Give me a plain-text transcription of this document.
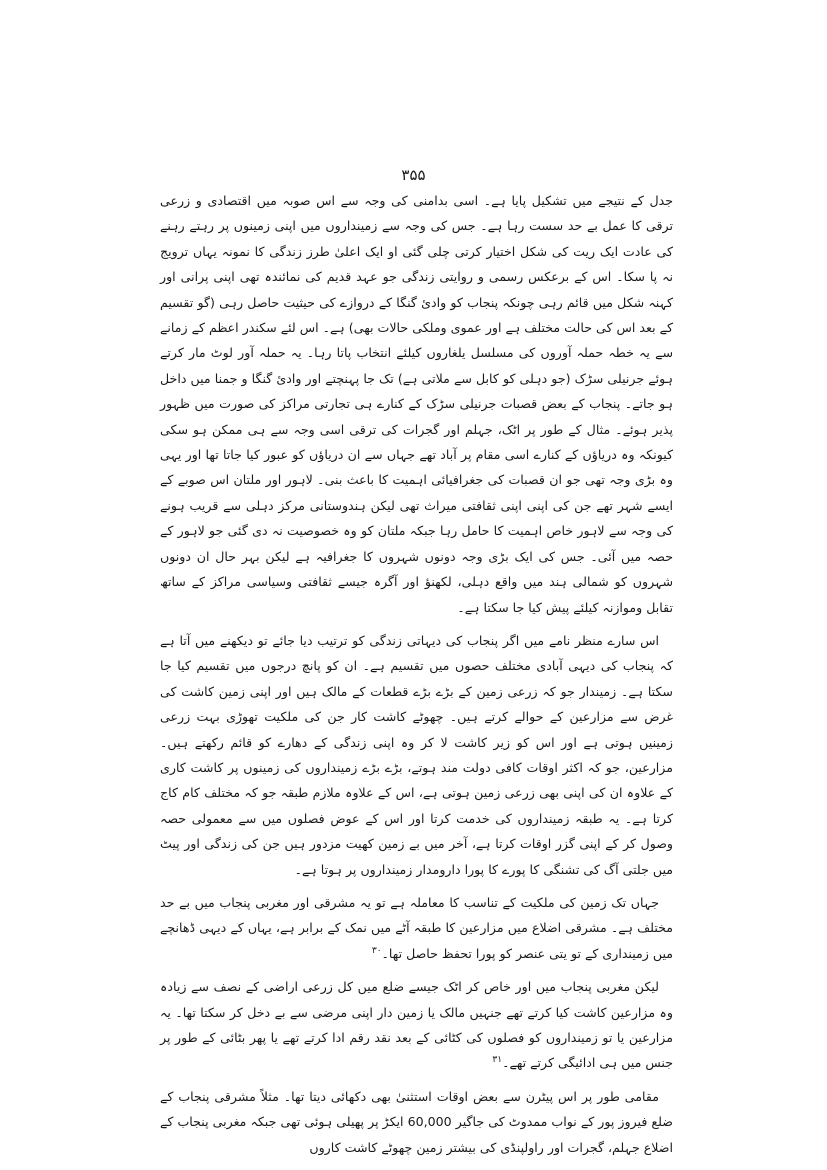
۳۵۵

جدل کے نتیجے میں تشکیل پایا ہے۔ اسی بدامنی کی وجہ سے اس صوبہ میں اقتصادی و زرعی ترقی کا عمل بے حد سست رہا ہے۔ جس کی وجہ سے زمینداروں میں اپنی زمینوں پر رہتے رہنے کی عادت ایک ریت کی شکل اختیار کرتی چلی گئی او ایک اعلیٰ طرز زندگی کا نمونہ یہاں ترویج نہ پا سکا۔ اس کے برعکس رسمی و روایتی زندگی جو عہد قدیم کی نمائندہ تھی اپنی پرانی اور کہنہ شکل میں قائم رہی چونکہ پنجاب کو وادیٔ گنگا کے دروازے کی حیثیت حاصل رہی (گو تقسیم کے بعد اس کی حالت مختلف ہے اور عموی وملکی حالات بھی) ہے۔ اس لئے سکندر اعظم کے زمانے سے یہ خطہ حملہ آوروں کی مسلسل یلغاروں کیلئے انتخاب پاتا رہا۔ یہ حملہ آور لوٹ مار کرتے ہوئے جرنیلی سڑک (جو دہلی کو کابل سے ملاتی ہے) تک جا پہنچتے اور وادیٔ گنگا و جمنا میں داخل ہو جاتے۔ پنجاب کے بعض قصبات جرنیلی سڑک کے کنارے ہی تجارتی مراکز کی صورت میں ظہور پذیر ہوئے۔ مثال کے طور پر اٹک، جہلم اور گجرات کی ترقی اسی وجہ سے ہی ممکن ہو سکی کیونکہ وہ دریاؤں کے کنارے اسی مقام پر آباد تھے جہاں سے ان دریاؤں کو عبور کیا جاتا تھا اور یہی وہ بڑی وجہ تھی جو ان قصبات کی جغرافیائی اہمیت کا باعث بنی۔ لاہور اور ملتان اس صوبے کے ایسے شہر تھے جن کی اپنی اپنی ثقافتی میراث تھی لیکن ہندوستانی مرکز دہلی سے قریب ہونے کی وجہ سے لاہور خاص اہمیت کا حامل رہا جبکہ ملتان کو وہ خصوصیت نہ دی گئی جو لاہور کے حصہ میں آئی۔ جس کی ایک بڑی وجہ دونوں شہروں کا جغرافیہ ہے لیکن بہر حال ان دونوں شہروں کو شمالی ہند میں واقع دہلی، لکھنؤ اور آگرہ جیسے ثقافتی وسیاسی مراکز کے ساتھ تقابل وموازنہ کیلئے پیش کیا جا سکتا ہے۔

اس سارے منظر نامے میں اگر پنجاب کی دیہاتی زندگی کو ترتیب دیا جائے تو دیکھنے میں آتا ہے کہ پنجاب کی دیہی آبادی مختلف حصوں میں تقسیم ہے۔ ان کو پانچ درجوں میں تقسیم کیا جا سکتا ہے۔ زمیندار جو کہ زرعی زمین کے بڑے بڑے قطعات کے مالک ہیں اور اپنی زمین کاشت کی غرض سے مزارعین کے حوالے کرتے ہیں۔ چھوٹے کاشت کار جن کی ملکیت تھوڑی بہت زرعی زمینیں ہوتی ہے اور اس کو زیر کاشت لا کر وہ اپنی زندگی کے دھارے کو قائم رکھتے ہیں۔ مزارعین، جو کہ اکثر اوقات کافی دولت مند ہوتے، بڑے بڑے زمینداروں کی زمینوں پر کاشت کاری کے علاوہ ان کی اپنی بھی زرعی زمین ہوتی ہے، اس کے علاوہ ملازم طبقہ جو کہ مختلف کام کاج کرتا ہے۔ یہ طبقہ زمینداروں کی خدمت کرتا اور اس کے عوض فصلوں میں سے معمولی حصہ وصول کر کے اپنی گزر اوقات کرتا ہے، آخر میں بے زمین کھیت مزدور ہیں جن کی زندگی اور پیٹ میں جلتی آگ کی تشنگی کا پورے کا پورا دارومدار زمینداروں پر ہوتا ہے۔

جہاں تک زمین کی ملکیت کے تناسب کا معاملہ ہے تو یہ مشرقی اور مغربی پنجاب میں بے حد مختلف ہے۔ مشرقی اضلاع میں مزارعین کا طبقہ آٹے میں نمک کے برابر ہے، یہاں کے دیہی ڈھانچے میں زمینداری کے تو یتی عنصر کو پورا تحفظ حاصل تھا۔$^{۳۰}$

لیکن مغربی پنجاب میں اور خاص کر اٹک جیسے ضلع میں کل زرعی اراضی کے نصف سے زیادہ وہ مزارعین کاشت کیا کرتے تھے جنہیں مالک یا زمین دار اپنی مرضی سے بے دخل کر سکتا تھا۔ یہ مزارعین یا تو زمینداروں کو فصلوں کی کٹائی کے بعد نقد رقم ادا کرتے تھے یا پھر بٹائی کے طور پر جنس میں ہی ادائیگی کرتے تھے۔$^{۳۱}$

مقامی طور پر اس پیٹرن سے بعض اوقات استثنیٰ بھی دکھائی دیتا تھا۔ مثلاً مشرقی پنجاب کے ضلع فیروز پور کے نواب ممدوٹ کی جاگیر 60,000 ایکڑ پر پھیلی ہوئی تھی جبکہ مغربی پنجاب کے اضلاع جہلم، گجرات اور راولپنڈی کی بیشتر زمین چھوٹے کاشت کاروں
